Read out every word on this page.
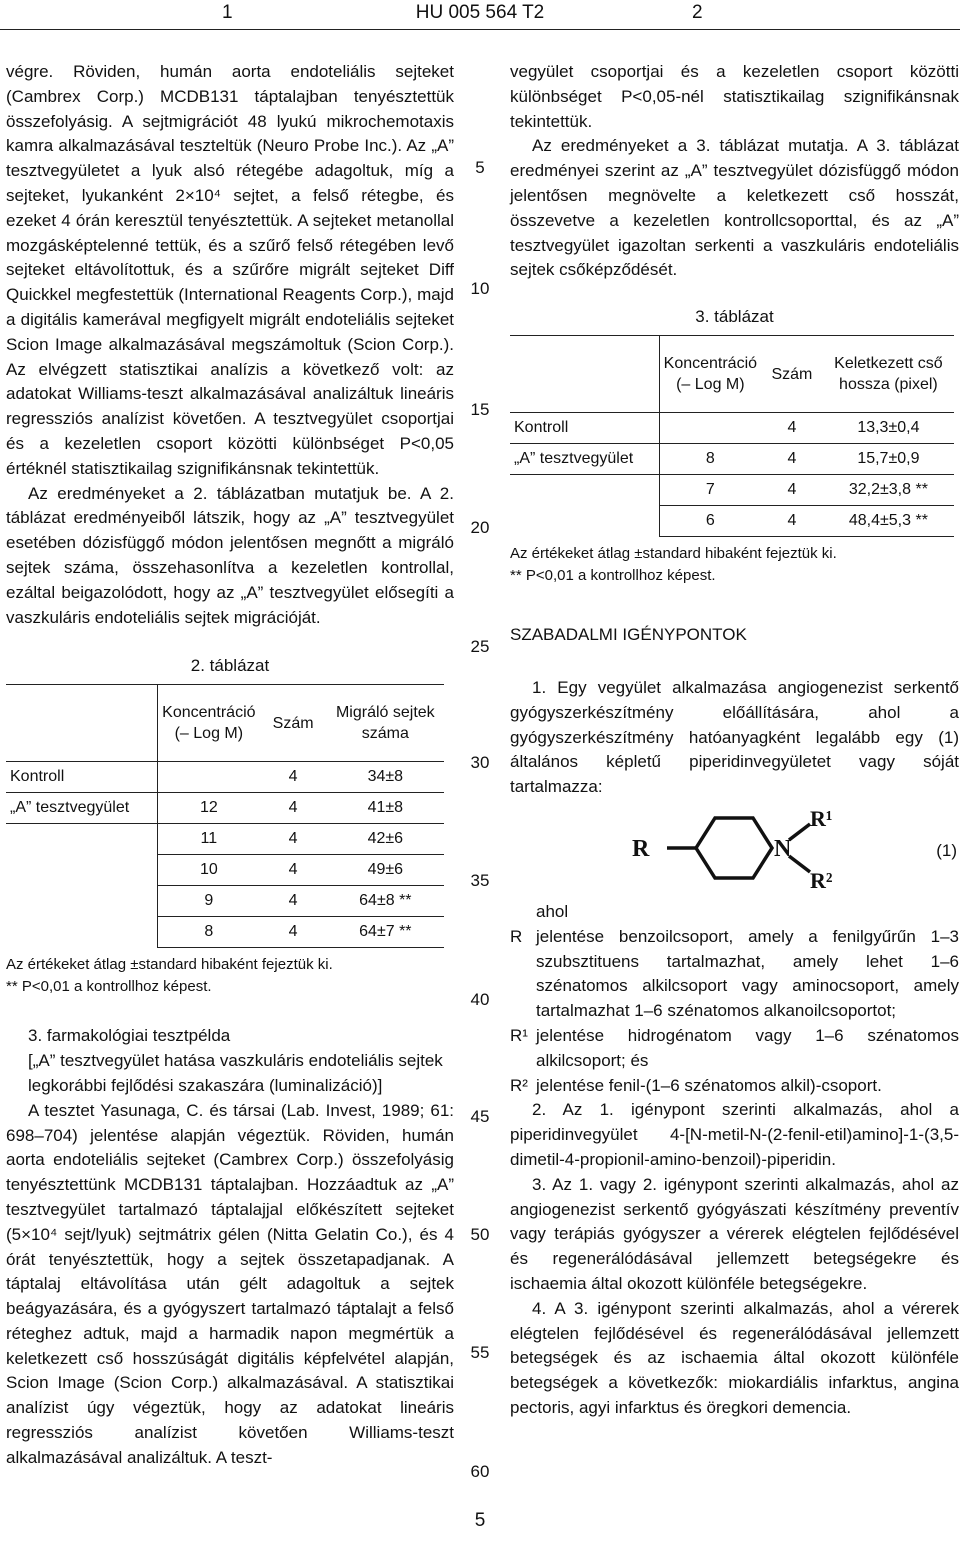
1	HU 005 564 T2	2

végre. Röviden, humán aorta endoteliális sejteket (Cambrex Corp.) MCDB131 táptalajban tenyésztettük összefolyásig. A sejtmigrációt 48 lyukú mikrochemotaxis kamra alkalmazásával teszteltük (Neuro Probe Inc.). Az „A” tesztvegyületet a lyuk alsó rétegébe adagoltuk, míg a sejteket, lyukanként 2×10⁴ sejtet, a felső rétegbe, és ezeket 4 órán keresztül tenyésztettük. A sejteket metanollal mozgásképtelenné tettük, és a szűrő felső rétegében levő sejteket eltávolítottuk, és a szűrőre migrált sejteket Diff Quickkel megfestettük (International Reagents Corp.), majd a digitális kamerával megfigyelt migrált endoteliális sejteket Scion Image alkalmazásával megszámoltuk (Scion Corp.). Az elvégzett statisztikai analízis a következő volt: az adatokat Williams-teszt alkalmazásával analizáltuk lineáris regressziós analízist követően. A tesztvegyület csoportjai és a kezeletlen csoport közötti különbséget P<0,05 értéknél statisztikailag szignifikánsnak tekintettük.

Az eredményeket a 2. táblázatban mutatjuk be. A 2. táblázat eredményeiből látszik, hogy az „A” tesztvegyület esetében dózisfüggő módon jelentősen megnőtt a migráló sejtek száma, összehasonlítva a kezeletlen kontrollal, ezáltal beigazolódott, hogy az „A” tesztvegyület elősegíti a vaszkuláris endoteliális sejtek migrációját.

2. táblázat
	Koncentráció (– Log M)	Szám	Migráló sejtek száma
Kontroll		4	34±8
„A” tesztvegyület	12	4	41±8
	11	4	42±6
	10	4	49±6
	9	4	64±8 **
	8	4	64±7 **
Az értékeket átlag ±standard hibaként fejeztük ki.
** P<0,01 a kontrollhoz képest.

3. farmakológiai tesztpélda

[„A” tesztvegyület hatása vaszkuláris endoteliális sejtek legkorábbi fejlődési szakaszára (luminalizáció)]

A tesztet Yasunaga, C. és társai (Lab. Invest, 1989; 61: 698–704) jelentése alapján végeztük. Röviden, humán aorta endoteliális sejteket (Cambrex Corp.) összefolyásig tenyésztettünk MCDB131 táptalajban. Hozzáadtuk az „A” tesztvegyület tartalmazó táptalajjal előkészített sejteket (5×10⁴ sejt/lyuk) sejtmátrix gélen (Nitta Gelatin Co.), és 4 órát tenyésztettük, hogy a sejtek összetapadjanak. A táptalaj eltávolítása után gélt adagoltuk a sejtek beágyazására, és a gyógyszert tartalmazó táptalajt a felső réteghez adtuk, majd a harmadik napon megmértük a keletkezett cső hosszúságát digitális képfelvétel alapján, Scion Image (Scion Corp.) alkalmazásával. A statisztikai analízist úgy végeztük, hogy az adatokat lineáris regressziós analízist követően Williams-teszt alkalmazásával analizáltuk. A teszt-

5
10
15
20
25
30
35
40
45
50
55
60

vegyület csoportjai és a kezeletlen csoport közötti különbséget P<0,05-nél statisztikailag szignifikánsnak tekintettük.

Az eredményeket a 3. táblázat mutatja. A 3. táblázat eredményei szerint az „A” tesztvegyület dózisfüggő módon jelentősen megnövelte a keletkezett cső hosszát, összevetve a kezeletlen kontrollcsoporttal, és az „A” tesztvegyület igazoltan serkenti a vaszkuláris endoteliális sejtek csőképződését.

3. táblázat
	Koncentráció (– Log M)	Szám	Keletkezett cső hossza (pixel)
Kontroll		4	13,3±0,4
„A” tesztvegyület	8	4	15,7±0,9
	7	4	32,2±3,8 **
	6	4	48,4±5,3 **
Az értékeket átlag ±standard hibaként fejeztük ki.
** P<0,01 a kontrollhoz képest.

SZABADALMI IGÉNYPONTOK

1. Egy vegyület alkalmazása angiogenezist serkentő gyógyszerkészítmény előállítására, ahol a gyógyszerkészítmény hatóanyagként legalább egy (1) általános képletű piperidinvegyületet vagy sóját tartalmazza:

R	N
R¹
R²
(1)

ahol

R jelentése benzoilcsoport, amely a fenilgyűrűn 1–3 szubsztituens tartalmazhat, amely lehet 1–6 szénatomos alkilcsoport vagy aminocsoport, amely tartalmazhat 1–6 szénatomos alkanoilcsoportot;
R¹ jelentése hidrogénatom vagy 1–6 szénatomos alkilcsoport; és
R² jelentése fenil-(1–6 szénatomos alkil)-csoport.

2. Az 1. igénypont szerinti alkalmazás, ahol a piperidinvegyület 4-[N-metil-N-(2-fenil-etil)amino]-1-(3,5-dimetil-4-propionil-amino-benzoil)-piperidin.

3. Az 1. vagy 2. igénypont szerinti alkalmazás, ahol az angiogenezist serkentő gyógyászati készítmény preventív vagy terápiás gyógyszer a vérerek elégtelen fejlődésével és regenerálódásával jellemzett betegségekre és ischaemia által okozott különféle betegségekre.

4. A 3. igénypont szerinti alkalmazás, ahol a vérerek elégtelen fejlődésével és regenerálódásával jellemzett betegségek és az ischaemia által okozott különféle betegségek a következők: miokardiális infarktus, angina pectoris, agyi infarktus és öregkori demencia.

5
